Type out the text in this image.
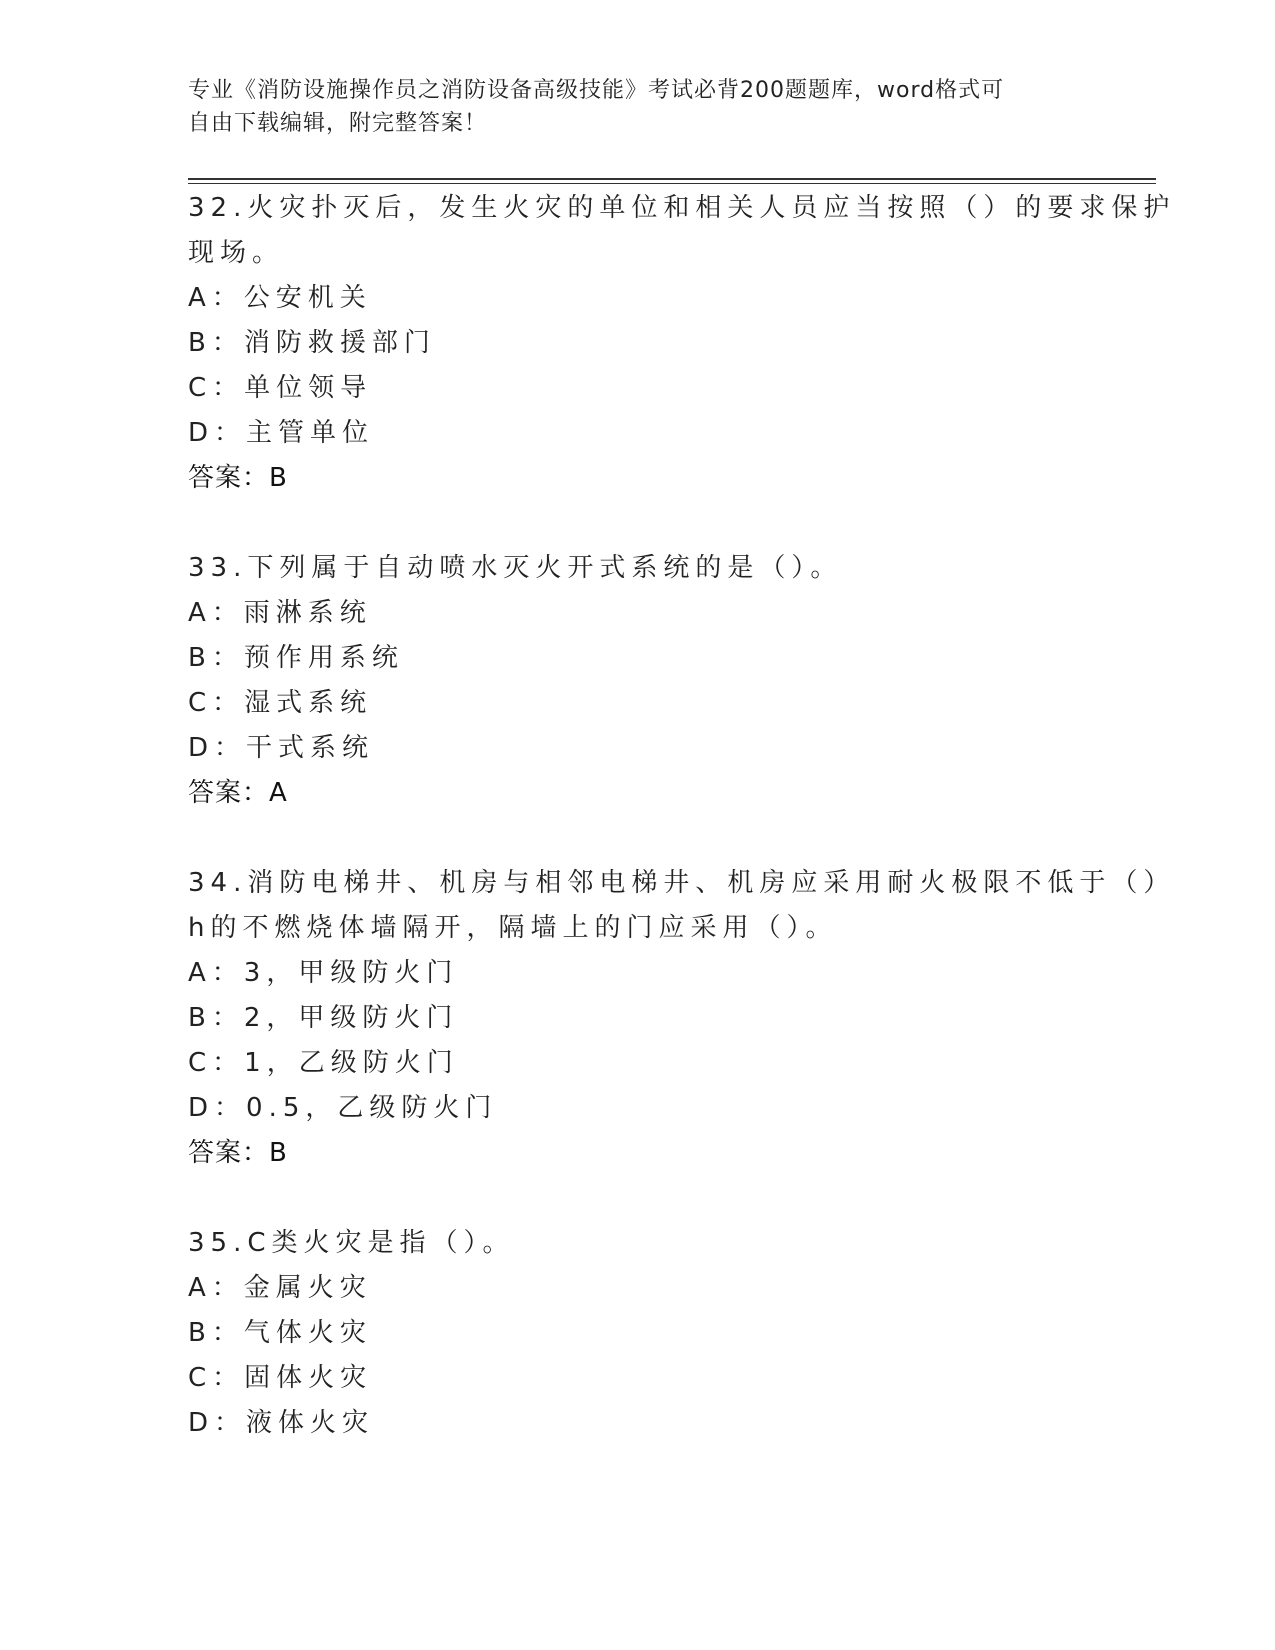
专业《消防设施操作员之消防设备高级技能》考试必背200题题库，word格式可
自由下载编辑，附完整答案！
32.火灾扑灭后，发生火灾的单位和相关人员应当按照（）的要求保护
现场。
A：公安机关
B：消防救援部门
C：单位领导
D：主管单位
答案：B
33.下列属于自动喷水灭火开式系统的是（）。
A：雨淋系统
B：预作用系统
C：湿式系统
D：干式系统
答案：A
34.消防电梯井、机房与相邻电梯井、机房应采用耐火极限不低于（）
h的不燃烧体墙隔开，隔墙上的门应采用（）。
A：3，甲级防火门
B：2，甲级防火门
C：1，乙级防火门
D：0.5，乙级防火门
答案：B
35.C类火灾是指（）。
A：金属火灾
B：气体火灾
C：固体火灾
D：液体火灾
